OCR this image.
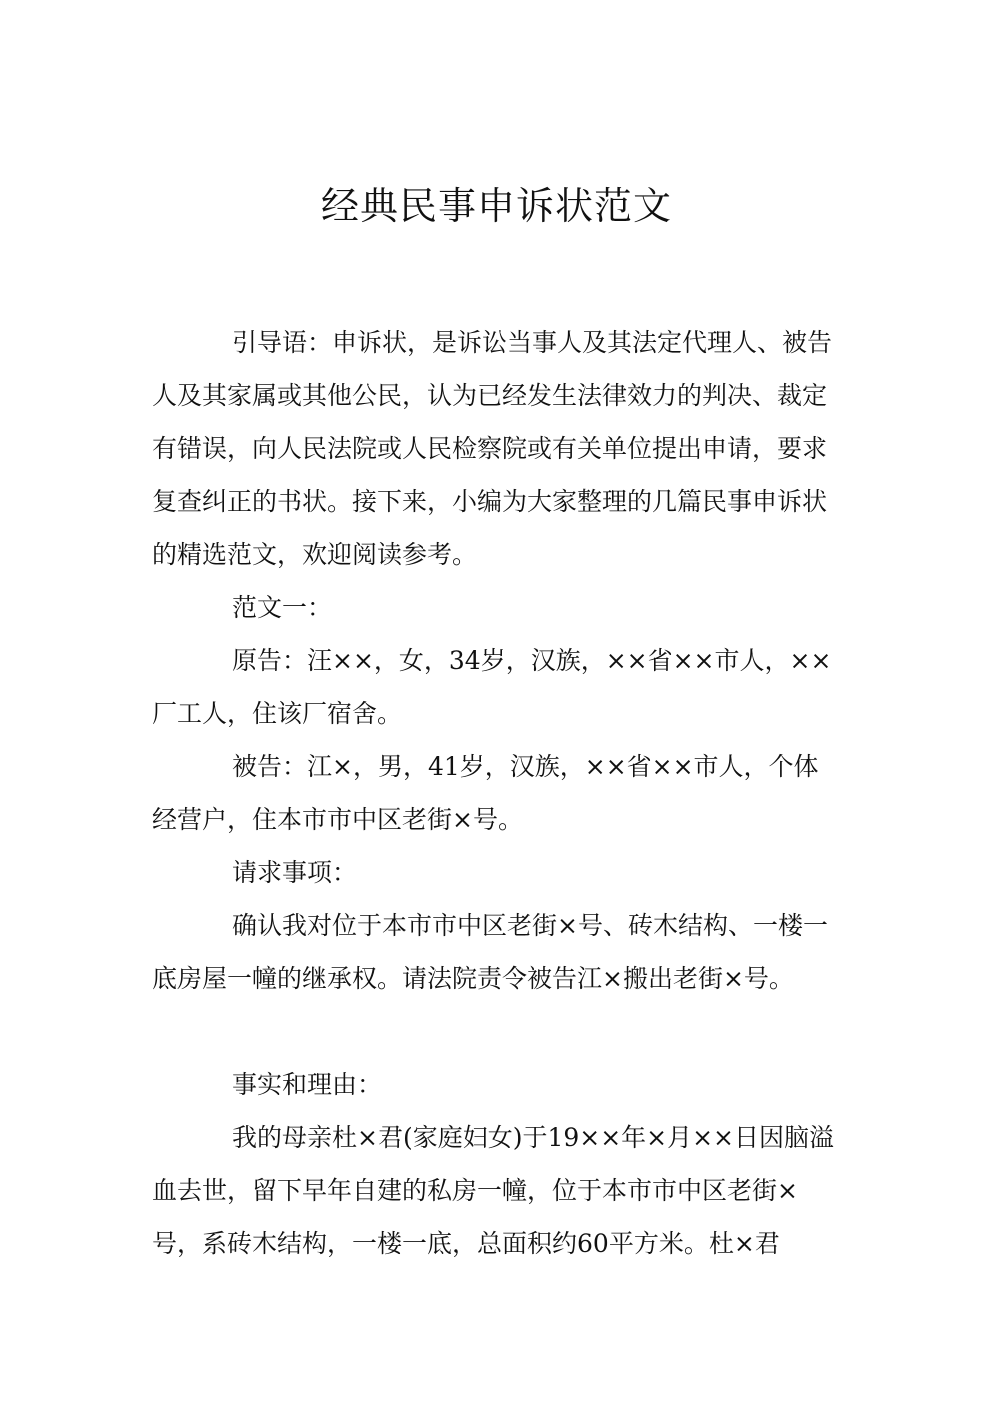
经典民事申诉状范文

引导语：申诉状，是诉讼当事人及其法定代理人、被告人及其家属或其他公民，认为已经发生法律效力的判决、裁定有错误，向人民法院或人民检察院或有关单位提出申请，要求复查纠正的书状。接下来，小编为大家整理的几篇民事申诉状的精选范文，欢迎阅读参考。

范文一：

原告：汪××，女，34岁，汉族，××省××市人，××厂工人，住该厂宿舍。

被告：江×，男，41岁，汉族，××省××市人，个体经营户，住本市市中区老街×号。

请求事项：

确认我对位于本市市中区老街×号、砖木结构、一楼一底房屋一幢的继承权。请法院责令被告江×搬出老街×号。

事实和理由：

我的母亲杜×君(家庭妇女)于19××年×月××日因脑溢血去世，留下早年自建的私房一幢，位于本市市中区老街×号，系砖木结构，一楼一底，总面积约60平方米。杜×君
